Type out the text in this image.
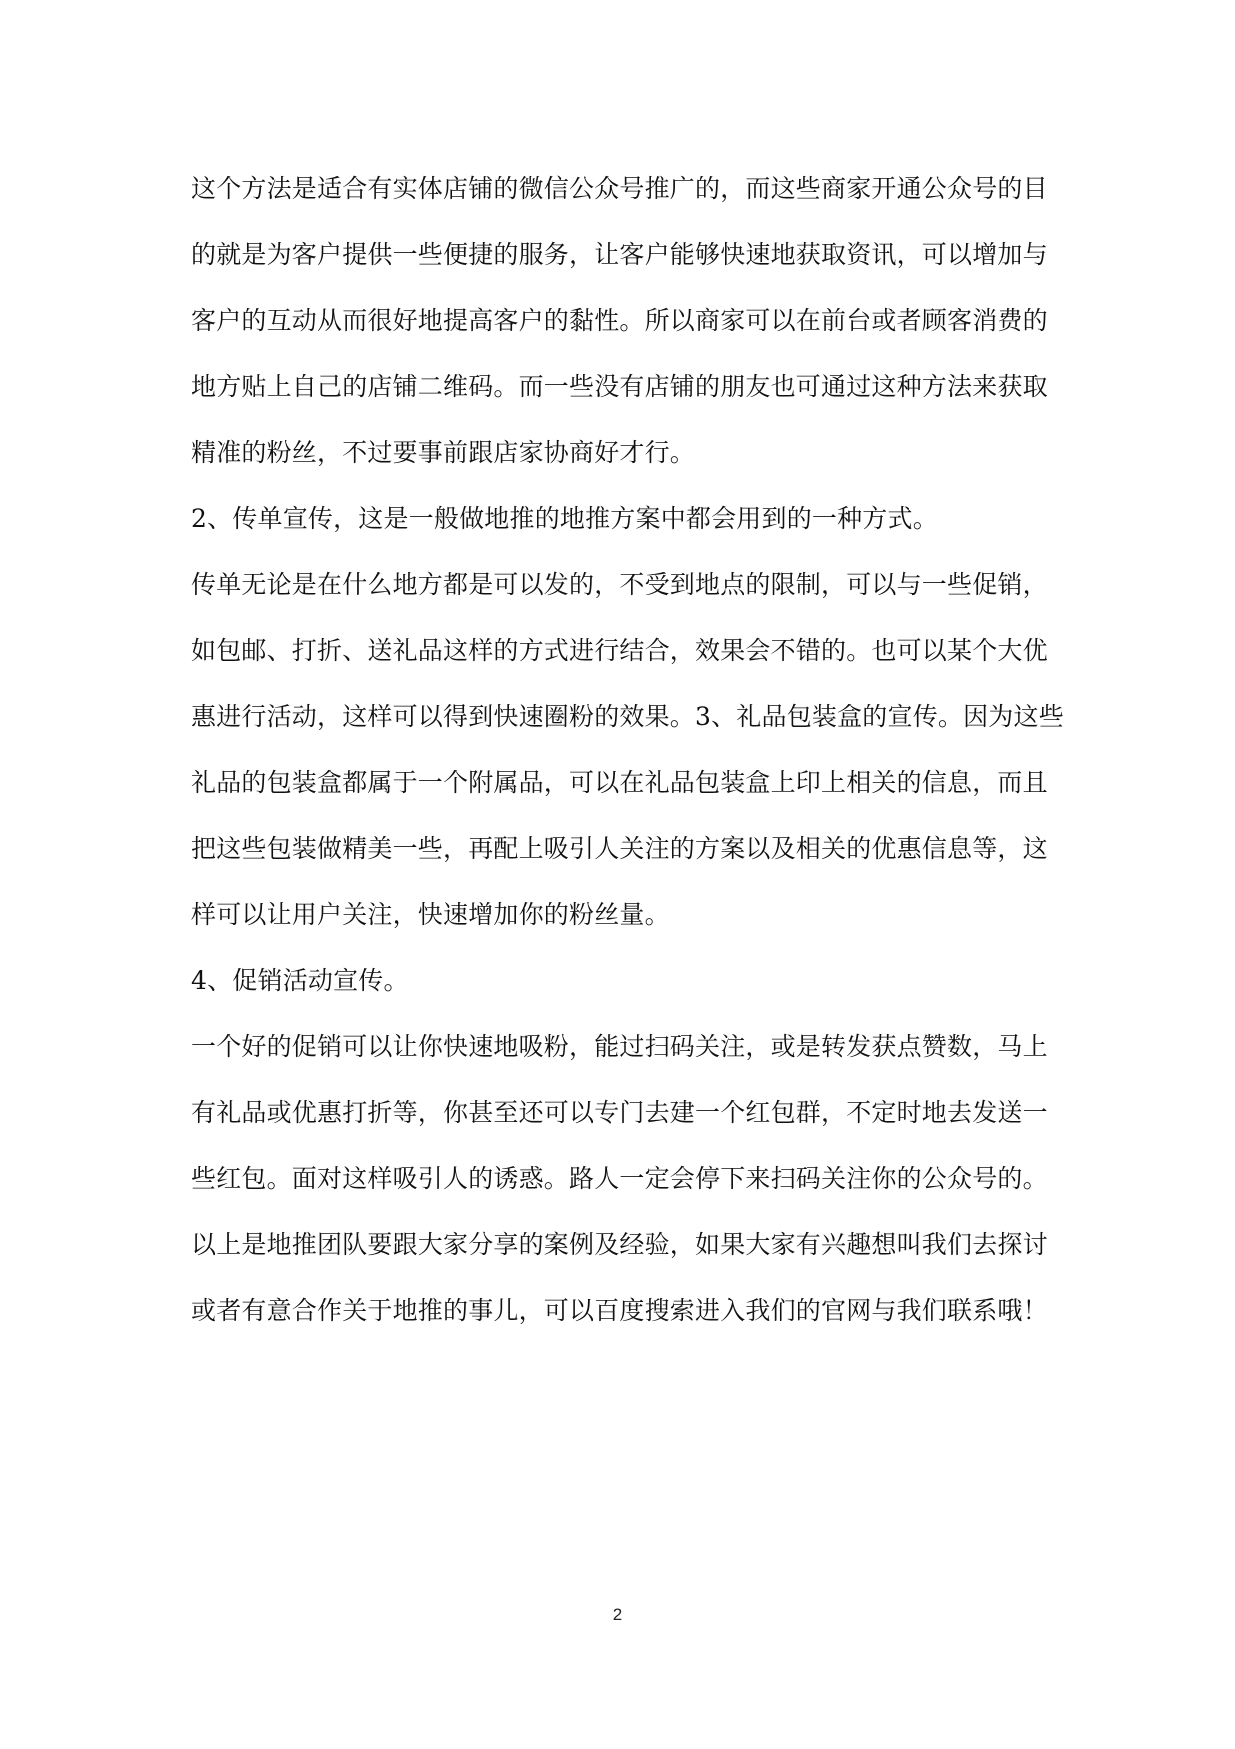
这个方法是适合有实体店铺的微信公众号推广的，而这些商家开通公众号的目
的就是为客户提供一些便捷的服务，让客户能够快速地获取资讯，可以增加与
客户的互动从而很好地提高客户的黏性。所以商家可以在前台或者顾客消费的
地方贴上自己的店铺二维码。而一些没有店铺的朋友也可通过这种方法来获取
精准的粉丝，不过要事前跟店家协商好才行。
2、传单宣传，这是一般做地推的地推方案中都会用到的一种方式。
传单无论是在什么地方都是可以发的，不受到地点的限制，可以与一些促销，
如包邮、打折、送礼品这样的方式进行结合，效果会不错的。也可以某个大优
惠进行活动，这样可以得到快速圈粉的效果。3、礼品包装盒的宣传。因为这些
礼品的包装盒都属于一个附属品，可以在礼品包装盒上印上相关的信息，而且
把这些包装做精美一些，再配上吸引人关注的方案以及相关的优惠信息等，这
样可以让用户关注，快速增加你的粉丝量。
4、促销活动宣传。
一个好的促销可以让你快速地吸粉，能过扫码关注，或是转发获点赞数，马上
有礼品或优惠打折等，你甚至还可以专门去建一个红包群，不定时地去发送一
些红包。面对这样吸引人的诱惑。路人一定会停下来扫码关注你的公众号的。
以上是地推团队要跟大家分享的案例及经验，如果大家有兴趣想叫我们去探讨
或者有意合作关于地推的事儿，可以百度搜索进入我们的官网与我们联系哦！
2
